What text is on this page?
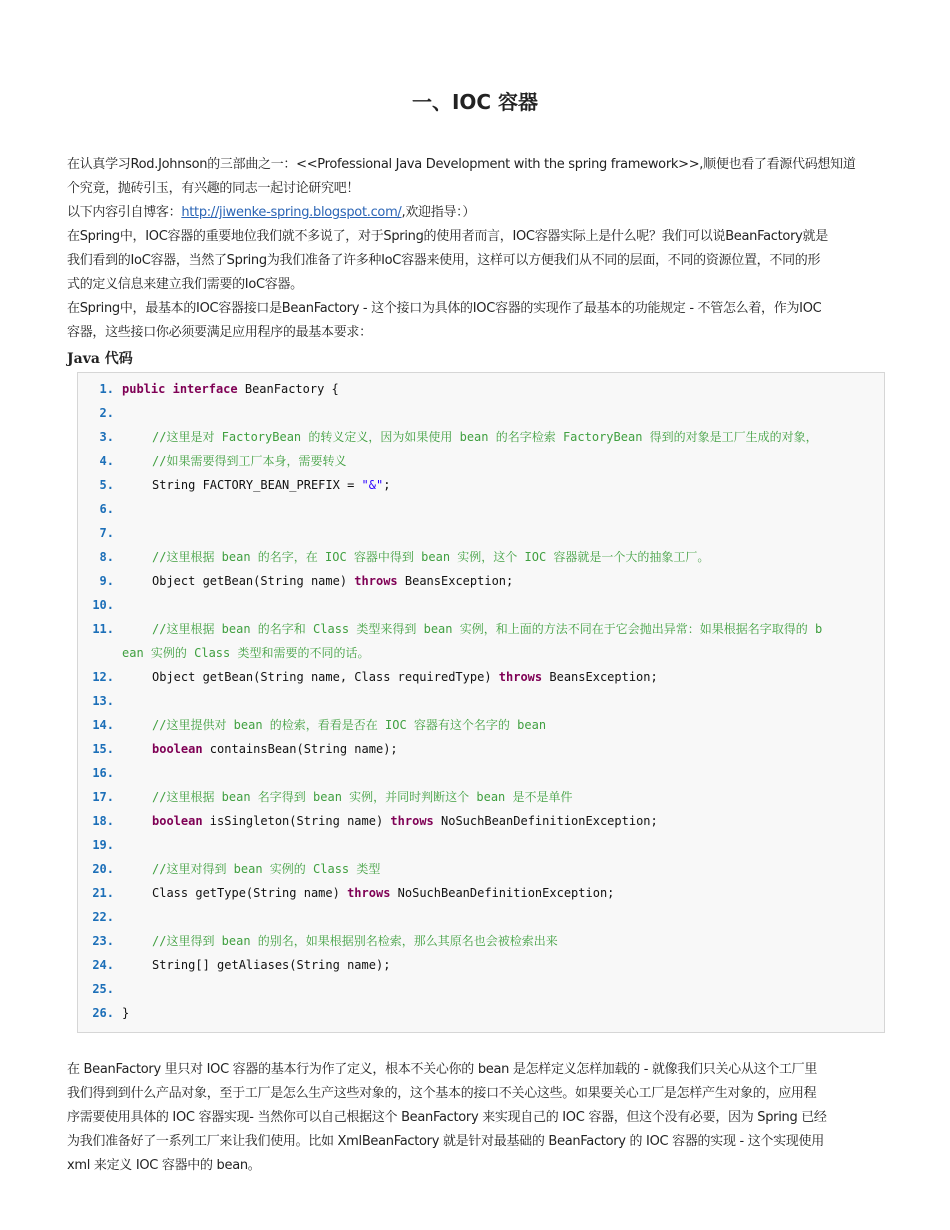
一、IOC 容器
在认真学习Rod.Johnson的三部曲之一：<<Professional Java Development with the spring framework>>,顺便也看了看源代码想知道
个究竟，抛砖引玉，有兴趣的同志一起讨论研究吧！
以下内容引自博客：http://jiwenke-spring.blogspot.com/,欢迎指导：）
在Spring中，IOC容器的重要地位我们就不多说了，对于Spring的使用者而言，IOC容器实际上是什么呢？我们可以说BeanFactory就是
我们看到的IoC容器，当然了Spring为我们准备了许多种IoC容器来使用，这样可以方便我们从不同的层面，不同的资源位置，不同的形
式的定义信息来建立我们需要的IoC容器。
在Spring中，最基本的IOC容器接口是BeanFactory - 这个接口为具体的IOC容器的实现作了最基本的功能规定 - 不管怎么着，作为IOC
容器，这些接口你必须要满足应用程序的最基本要求：
Java 代码
1. public interface BeanFactory {
2.
3.	//这里是对 FactoryBean 的转义定义，因为如果使用 bean 的名字检索 FactoryBean 得到的对象是工厂生成的对象，
4.	//如果需要得到工厂本身，需要转义
5.	String FACTORY_BEAN_PREFIX = "&";
6.
7.
8.	//这里根据 bean 的名字，在 IOC 容器中得到 bean 实例，这个 IOC 容器就是一个大的抽象工厂。
9.	Object getBean(String name) throws BeansException;
10.
11.	//这里根据 bean 的名字和 Class 类型来得到 bean 实例，和上面的方法不同在于它会抛出异常：如果根据名字取得的 b
ean 实例的 Class 类型和需要的不同的话。
12.	Object getBean(String name, Class requiredType) throws BeansException;
13.
14.	//这里提供对 bean 的检索，看看是否在 IOC 容器有这个名字的 bean
15.	boolean containsBean(String name);
16.
17.	//这里根据 bean 名字得到 bean 实例，并同时判断这个 bean 是不是单件
18.	boolean isSingleton(String name) throws NoSuchBeanDefinitionException;
19.
20.	//这里对得到 bean 实例的 Class 类型
21.	Class getType(String name) throws NoSuchBeanDefinitionException;
22.
23.	//这里得到 bean 的别名，如果根据别名检索，那么其原名也会被检索出来
24.	String[] getAliases(String name);
25.
26. }
在 BeanFactory 里只对 IOC 容器的基本行为作了定义，根本不关心你的 bean 是怎样定义怎样加载的 - 就像我们只关心从这个工厂里
我们得到到什么产品对象，至于工厂是怎么生产这些对象的，这个基本的接口不关心这些。如果要关心工厂是怎样产生对象的，应用程
序需要使用具体的 IOC 容器实现- 当然你可以自己根据这个 BeanFactory 来实现自己的 IOC 容器，但这个没有必要，因为 Spring 已经
为我们准备好了一系列工厂来让我们使用。比如 XmlBeanFactory 就是针对最基础的 BeanFactory 的 IOC 容器的实现 - 这个实现使用
xml 来定义 IOC 容器中的 bean。
